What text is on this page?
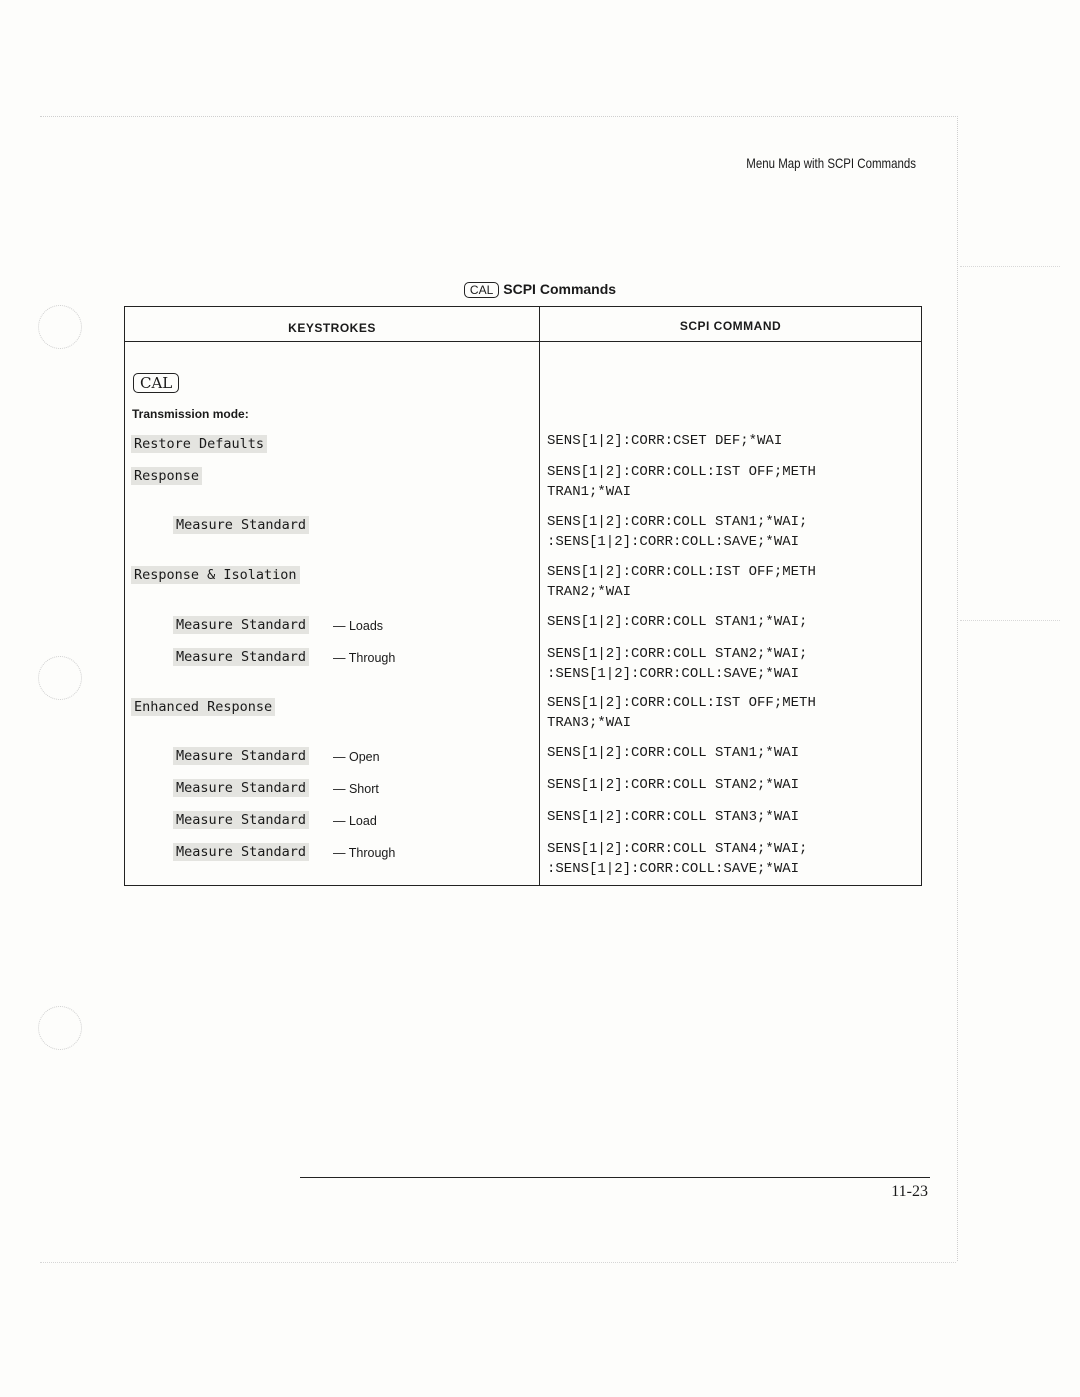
Menu Map with SCPI Commands
CAL SCPI Commands
KEYSTROKES	SCPI COMMAND
CAL
Transmission mode:
Restore Defaults
Response
Measure Standard
Response & Isolation
Measure Standard
Measure Standard
Enhanced Response
Measure Standard
Measure Standard
Measure Standard
Measure Standard
— Loads
— Through
— Open
— Short
— Load
— Through
SENS[1|2]:CORR:CSET DEF;*WAI
SENS[1|2]:CORR:COLL:IST OFF;METH
TRAN1;*WAI
SENS[1|2]:CORR:COLL STAN1;*WAI;
:SENS[1|2]:CORR:COLL:SAVE;*WAI
SENS[1|2]:CORR:COLL:IST OFF;METH
TRAN2;*WAI
SENS[1|2]:CORR:COLL STAN1;*WAI;
SENS[1|2]:CORR:COLL STAN2;*WAI;
:SENS[1|2]:CORR:COLL:SAVE;*WAI
SENS[1|2]:CORR:COLL:IST OFF;METH
TRAN3;*WAI
SENS[1|2]:CORR:COLL STAN1;*WAI
SENS[1|2]:CORR:COLL STAN2;*WAI
SENS[1|2]:CORR:COLL STAN3;*WAI
SENS[1|2]:CORR:COLL STAN4;*WAI;
:SENS[1|2]:CORR:COLL:SAVE;*WAI
11-23
